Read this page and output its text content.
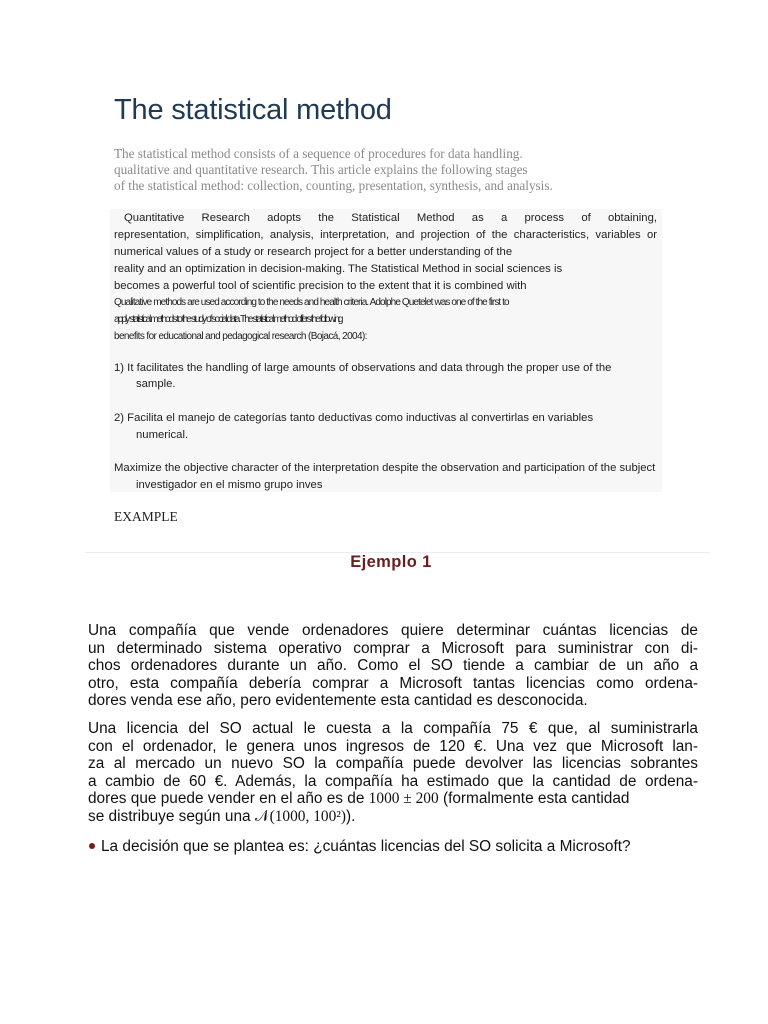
The statistical method
The statistical method consists of a sequence of procedures for data handling.
qualitative and quantitative research. This article explains the following stages
of the statistical method: collection, counting, presentation, synthesis, and analysis.
Quantitative Research adopts the Statistical Method as a process of obtaining,
representation, simplification, analysis, interpretation, and projection of the characteristics, variables or
numerical values of a study or research project for a better understanding of the
reality and an optimization in decision-making. The Statistical Method in social sciences is
becomes a powerful tool of scientific precision to the extent that it is combined with
Qualitative methods are used according to the needs and health criteria. Adolphe Quetelet was one of the first to
apply statistical methods to the study of social data. The statistical method offers the following
benefits for educational and pedagogical research (Bojacá, 2004):
1) It facilitates the handling of large amounts of observations and data through the proper use of the
sample.
2) Facilita el manejo de categorías tanto deductivas como inductivas al convertirlas en variables
numerical.
Maximize the objective character of the interpretation despite the observation and participation of the subject
investigador en el mismo grupo inves
EXAMPLE
Ejemplo 1
Una compañía que vende ordenadores quiere determinar cuántas licencias de
un determinado sistema operativo comprar a Microsoft para suministrar con di-
chos ordenadores durante un año. Como el SO tiende a cambiar de un año a
otro, esta compañía debería comprar a Microsoft tantas licencias como ordena-
dores venda ese año, pero evidentemente esta cantidad es desconocida.
Una licencia del SO actual le cuesta a la compañía 75 € que, al suministrarla
con el ordenador, le genera unos ingresos de 120 €. Una vez que Microsoft lan-
za al mercado un nuevo SO la compañía puede devolver las licencias sobrantes
a cambio de 60 €. Además, la compañía ha estimado que la cantidad de ordena-
dores que puede vender en el año es de 1000 ± 200 (formalmente esta cantidad
se distribuye según una 𝒩(1000, 100²)).
La decisión que se plantea es: ¿cuántas licencias del SO solicita a Microsoft?
